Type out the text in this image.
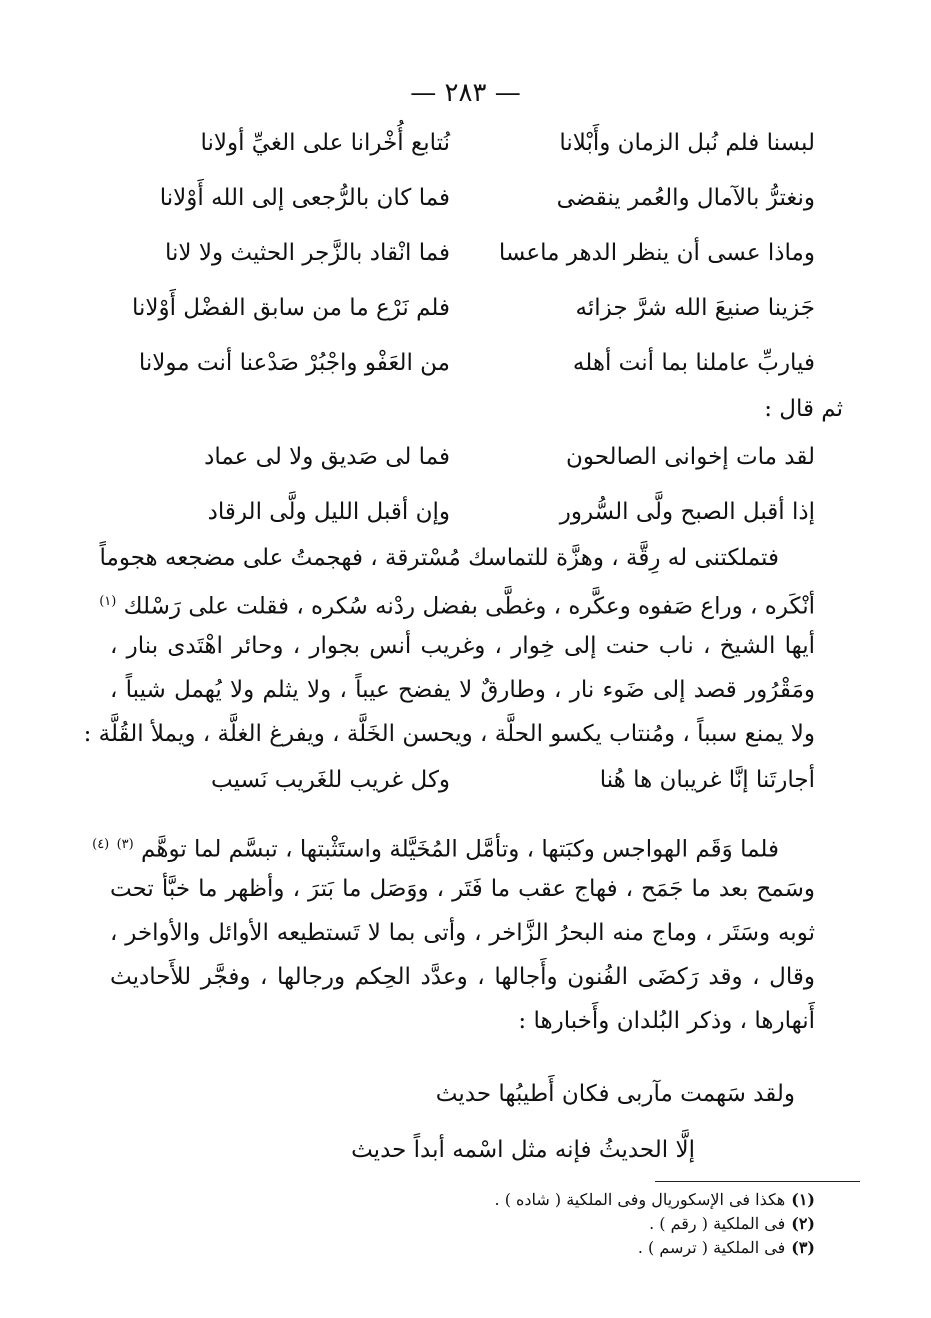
— ٢٨٣ —
لبسنا فلم نُبل الزمان وأَبْلانا
نُتابع أُخْرانا على الغيِّ أولانا
ونغترُّ بالآمال والعُمر ينقضى
فما كان بالرُّجعى إلى الله أَوْلانا
وماذا عسى أن ينظر الدهر ماعسا
فما انْقاد بالزَّجر الحثيث ولا لانا
جَزينا صنيعَ الله شرَّ جزائه
فلم نَرْع ما من سابق الفضْل أَوْلانا
فياربِّ عاملنا بما أنت أهله
من العَفْو واجْبُرْ صَدْعنا أنت مولانا
ثم قال :
لقد مات إخوانى الصالحون
فما لى صَديق ولا لى عماد
إذا أقبل الصبح ولَّى السُّرور
وإن أقبل الليل ولَّى الرقاد
فتملكتنى له رِقَّة ، وهزَّة للتماسك مُسْترقة ، فهجمتُ على مضجعه هجوماً
أنْكَره ، وراع صَفوه وعكَّره ، وغطَّى بفضل ردْنه سُكره ، فقلت على رَسْلك $^{(١)}$
أيها الشيخ ، ناب حنت إلى خِوار ، وغريب أنس بجوار ، وحائر اهْتَدى بنار ،
ومَقْرُور قصد إلى ضَوء نار ، وطارقٌ لا يفضح عيباً ، ولا يثلم ولا يُهمل شيباً ،
ولا يمنع سبباً ، ومُنتاب يكسو الحلَّة ، ويحسن الخَلَّة ، ويفرغ الغلَّة ، ويملأ القُلَّة :
أجارتَنا إنَّا غريبان ها هُنا
وكل غريب للغَريب نَسيب
فلما وَقَم الهواجس وكبَتها ، وتأمَّل المُخَيَّلة واستَثْبتها ، تبسَّم لما توهَّم $^{(٣)}$ $^{(٤)}$
وسَمح بعد ما جَمَح ، فهاج عقب ما فَتَر ، ووَصَل ما بَترَ ، وأظهر ما خبَّأ تحت
ثوبه وسَتَر ، وماج منه البحرُ الزَّاخر ، وأتى بما لا تَستطيعه الأوائل والأواخر ،
وقال ، وقد رَكضَى الفُنون وأَجالها ، وعدَّد الحِكم ورجالها ، وفجَّر للأَحاديث
أَنهارها ، وذكر البُلدان وأَخبارها :
ولقد سَهمت مآربى فكان أَطيبُها حديث
إلَّا الحديثُ فإنه مثل اسْمه أبداً حديث
(١)هكذا فى الإسكوريال وفى الملكية ( شاده ) .
(٢)فى الملكية ( رقم ) .
(٣)فى الملكية ( ترسم ) .
